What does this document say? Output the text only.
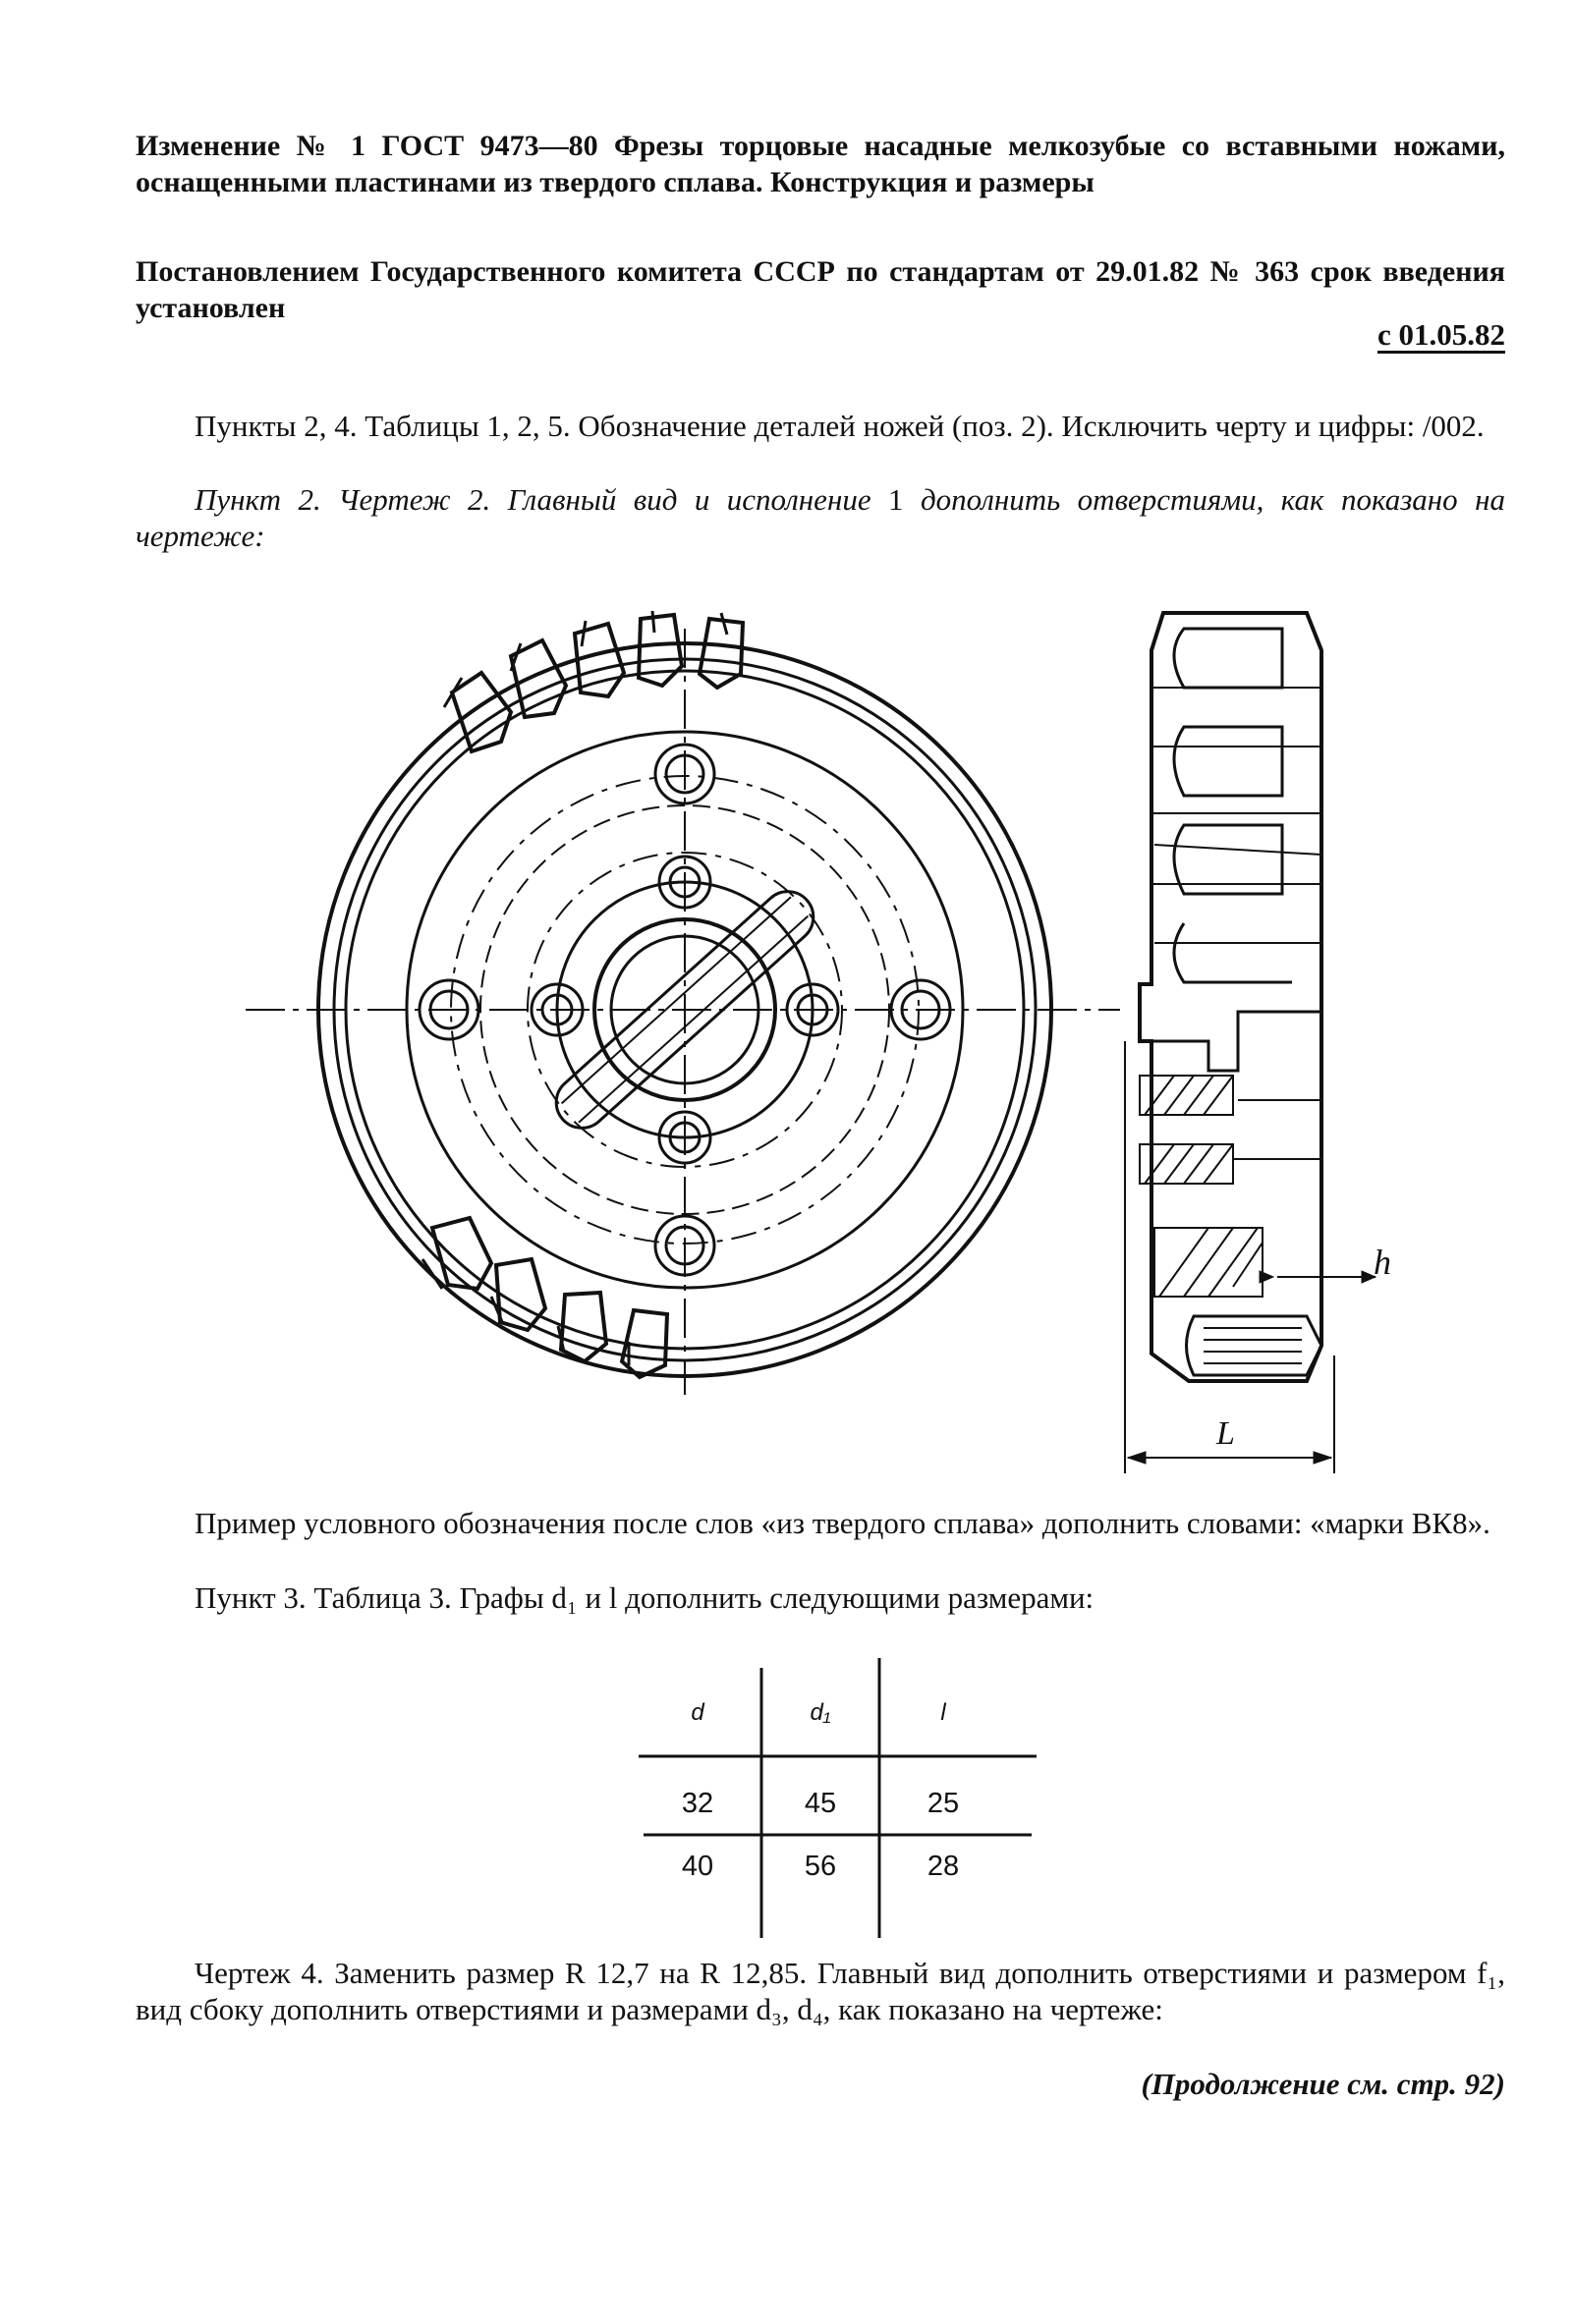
Изменение № 1 ГОСТ 9473—80 Фрезы торцовые насадные мелкозубые со вставными ножами, оснащенными пластинами из твердого сплава. Конструкция и размеры
Постановлением Государственного комитета СССР по стандартам от 29.01.82 № 363 срок введения установлен
с 01.05.82
Пункты 2, 4. Таблицы 1, 2, 5. Обозначение деталей ножей (поз. 2). Исключить черту и цифры: /002.
Пункт 2. Чертеж 2. Главный вид и исполнение 1 дополнить отверстиями, как показано на чертеже:
h
L
Пример условного обозначения после слов «из твердого сплава» дополнить словами: «марки ВК8».
Пункт 3. Таблица 3. Графы d₁ и l дополнить следующими размерами:
d	d₁	l
32	45	25
40	56	28
Чертеж 4. Заменить размер R 12,7 на R 12,85. Главный вид дополнить отверстиями и размером f₁, вид сбоку дополнить отверстиями и размерами d₃, d₄, как показано на чертеже:
(Продолжение см. стр. 92)
